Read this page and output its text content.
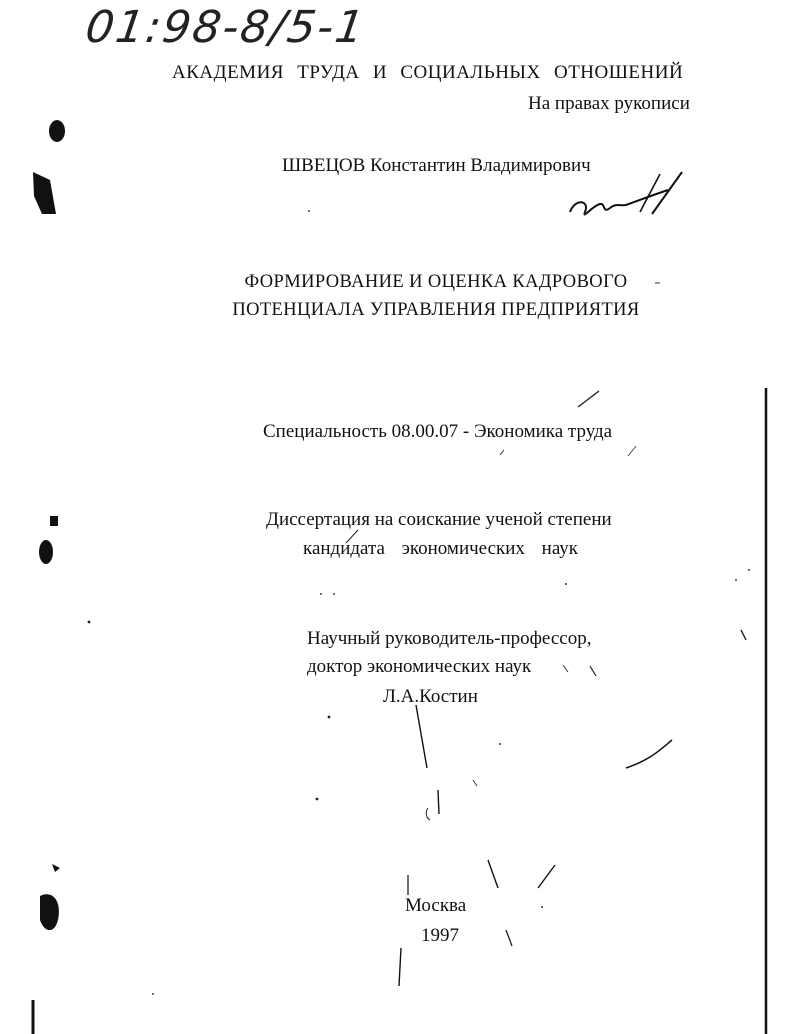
01:98-8/5-1
АКАДЕМИЯ ТРУДА И СОЦИАЛЬНЫХ ОТНОШЕНИЙ
На правах рукописи
ШВЕЦОВ Константин Владимирович
ФОРМИРОВАНИЕ И ОЦЕНКА КАДРОВОГО
ПОТЕНЦИАЛА УПРАВЛЕНИЯ ПРЕДПРИЯТИЯ
Специальность 08.00.07 - Экономика труда
Диссертация на соискание ученой степени
кандидата экономических наук
Научный руководитель-профессор,
доктор экономических наук
Л.А.Костин
Москва
1997
